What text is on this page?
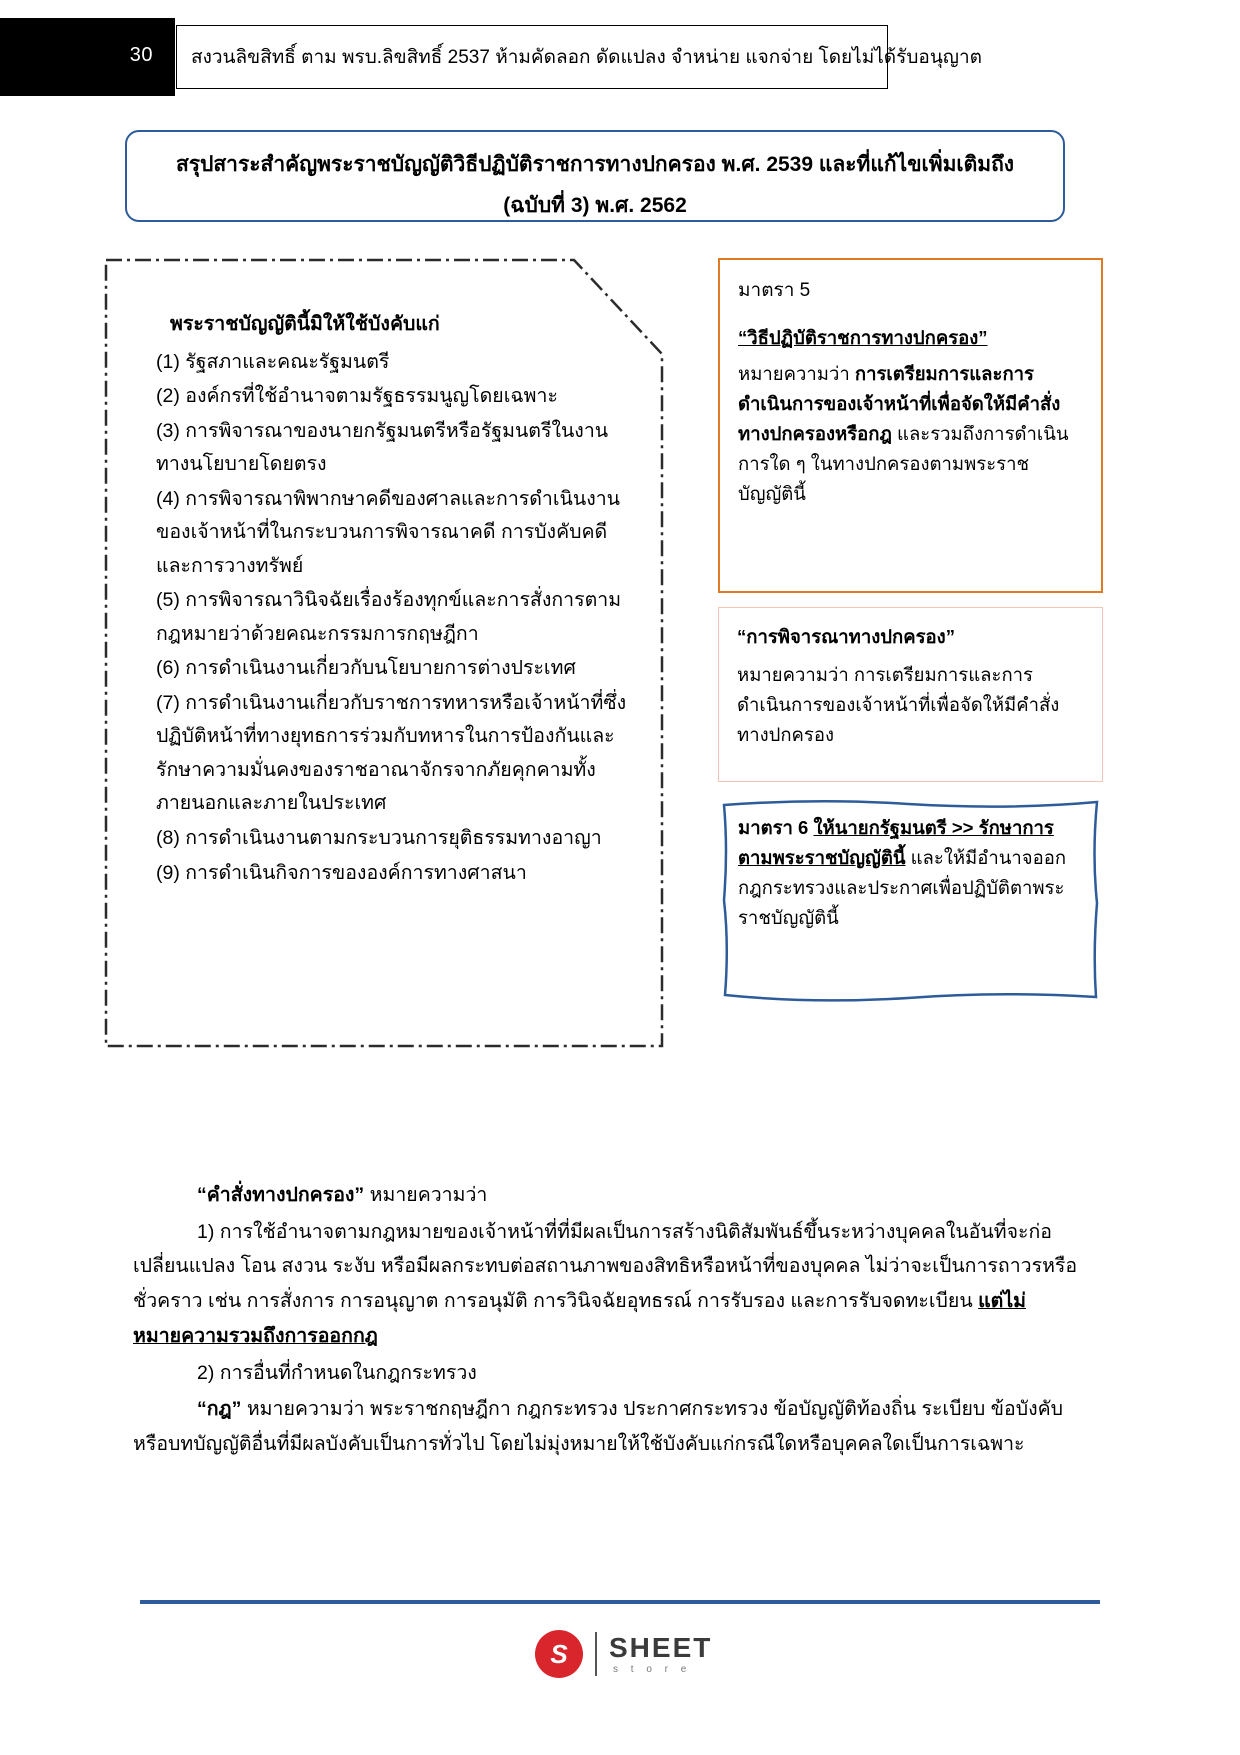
30 สงวนลิขสิทธิ์ ตาม พรบ.ลิขสิทธิ์ 2537 ห้ามคัดลอก ดัดแปลง จำหน่าย แจกจ่าย โดยไม่ได้รับอนุญาต
สรุปสาระสำคัญพระราชบัญญัติวิธีปฏิบัติราชการทางปกครอง พ.ศ. 2539 และที่แก้ไขเพิ่มเติมถึง
(ฉบับที่ 3) พ.ศ. 2562
พระราชบัญญัตินี้มิให้ใช้บังคับแก่
(1) รัฐสภาและคณะรัฐมนตรี
(2) องค์กรที่ใช้อำนาจตามรัฐธรรมนูญโดยเฉพาะ
(3) การพิจารณาของนายกรัฐมนตรีหรือรัฐมนตรีในงานทางนโยบายโดยตรง
(4) การพิจารณาพิพากษาคดีของศาลและการดำเนินงานของเจ้าหน้าที่ในกระบวนการพิจารณาคดี การบังคับคดี และการวางทรัพย์
(5) การพิจารณาวินิจฉัยเรื่องร้องทุกข์และการสั่งการตามกฎหมายว่าด้วยคณะกรรมการกฤษฎีกา
(6) การดำเนินงานเกี่ยวกับนโยบายการต่างประเทศ
(7) การดำเนินงานเกี่ยวกับราชการทหารหรือเจ้าหน้าที่ซึ่งปฏิบัติหน้าที่ทางยุทธการร่วมกับทหารในการป้องกันและรักษาความมั่นคงของราชอาณาจักรจากภัยคุกคามทั้งภายนอกและภายในประเทศ
(8) การดำเนินงานตามกระบวนการยุติธรรมทางอาญา
(9) การดำเนินกิจการขององค์การทางศาสนา
มาตรา 5
“วิธีปฏิบัติราชการทางปกครอง”
หมายความว่า การเตรียมการและการดำเนินการของเจ้าหน้าที่เพื่อจัดให้มีคำสั่งทางปกครองหรือกฎ และรวมถึงการดำเนินการใด ๆ ในทางปกครองตามพระราชบัญญัตินี้
“การพิจารณาทางปกครอง”
หมายความว่า การเตรียมการและการดำเนินการของเจ้าหน้าที่เพื่อจัดให้มีคำสั่งทางปกครอง
มาตรา 6 ให้นายกรัฐมนตรี >> รักษาการตามพระราชบัญญัตินี้ และให้มีอำนาจออกกฎกระทรวงและประกาศเพื่อปฏิบัติตาพระราชบัญญัตินี้

“คำสั่งทางปกครอง” หมายความว่า

1) การใช้อำนาจตามกฎหมายของเจ้าหน้าที่ที่มีผลเป็นการสร้างนิติสัมพันธ์ขึ้นระหว่างบุคคลในอันที่จะก่อ เปลี่ยนแปลง โอน สงวน ระงับ หรือมีผลกระทบต่อสถานภาพของสิทธิหรือหน้าที่ของบุคคล ไม่ว่าจะเป็นการถาวรหรือชั่วคราว เช่น การสั่งการ การอนุญาต การอนุมัติ การวินิจฉัยอุทธรณ์ การรับรอง และการรับจดทะเบียน แต่ไม่หมายความรวมถึงการออกกฎ

2) การอื่นที่กำหนดในกฎกระทรวง

“กฎ” หมายความว่า พระราชกฤษฎีกา กฎกระทรวง ประกาศกระทรวง ข้อบัญญัติท้องถิ่น ระเบียบ ข้อบังคับ หรือบทบัญญัติอื่นที่มีผลบังคับเป็นการทั่วไป โดยไม่มุ่งหมายให้ใช้บังคับแก่กรณีใดหรือบุคคลใดเป็นการเฉพาะ

S	SHEET
s t o r e
